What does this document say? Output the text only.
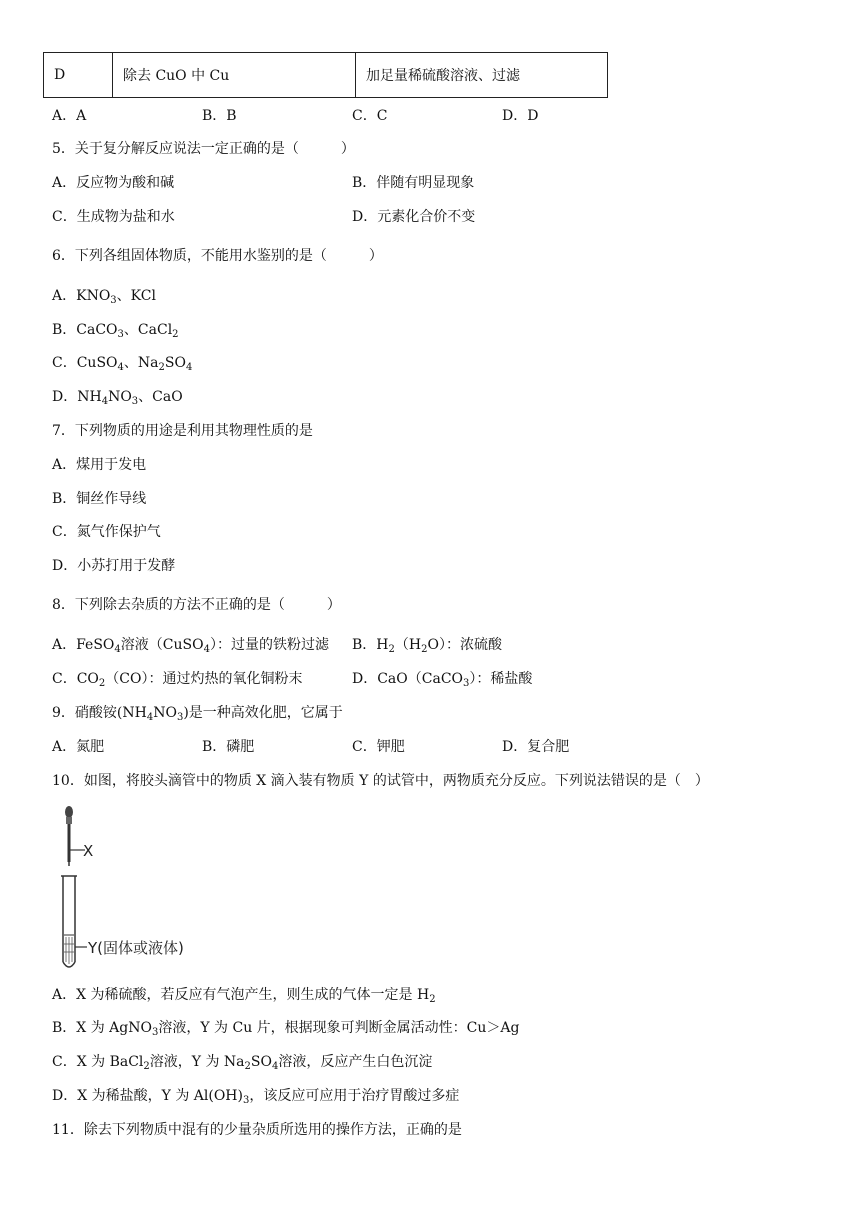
D	除去 CuO 中 Cu	加足量稀硫酸溶液、过滤
A．A	B．B	C．C	D．D
5．关于复分解反应说法一定正确的是（　　　）
A．反应物为酸和碱	B．伴随有明显现象
C．生成物为盐和水	D．元素化合价不变
6．下列各组固体物质，不能用水鉴别的是（　　　）
A．$KNO_3$、KCl
B．CaCO$_3$、CaCl$_2$
C．CuSO$_4$、$Na_2SO_4$
D．$NH_4NO_3$、CaO
7．下列物质的用途是利用其物理性质的是
A．煤用于发电
B．铜丝作导线
C．氮气作保护气
D．小苏打用于发酵
8．下列除去杂质的方法不正确的是（　　　）
A．FeSO$_4$溶液（CuSO$_4$）：过量的铁粉过滤 B．$H_2(H_2O)$：浓硫酸
C．$CO_2(CO)$：通过灼热的氧化铜粉末	D．CaO（CaCO$_3$）：稀盐酸
9．硝酸铵$(NH_4NO_3)$是一种高效化肥，它属于
A．氮肥	B．磷肥	C．钾肥	D．复合肥
10．如图，将胶头滴管中的物质 X 滴入装有物质 Y 的试管中，两物质充分反应。下列说法错误的是（　）
X
Y(固体或液体)
A．X 为稀硫酸，若反应有气泡产生，则生成的气体一定是 $H_2$
B．X 为 AgNO$_3$溶液，Y 为 Cu 片，根据现象可判断金属活动性：Cu＞Ag
C．X 为 BaCl$_2$溶液，Y 为 $Na_2SO_4$溶液，反应产生白色沉淀
D．X 为稀盐酸，Y 为 $Al(OH)_3$，该反应可应用于治疗胃酸过多症
11．除去下列物质中混有的少量杂质所选用的操作方法，正确的是
